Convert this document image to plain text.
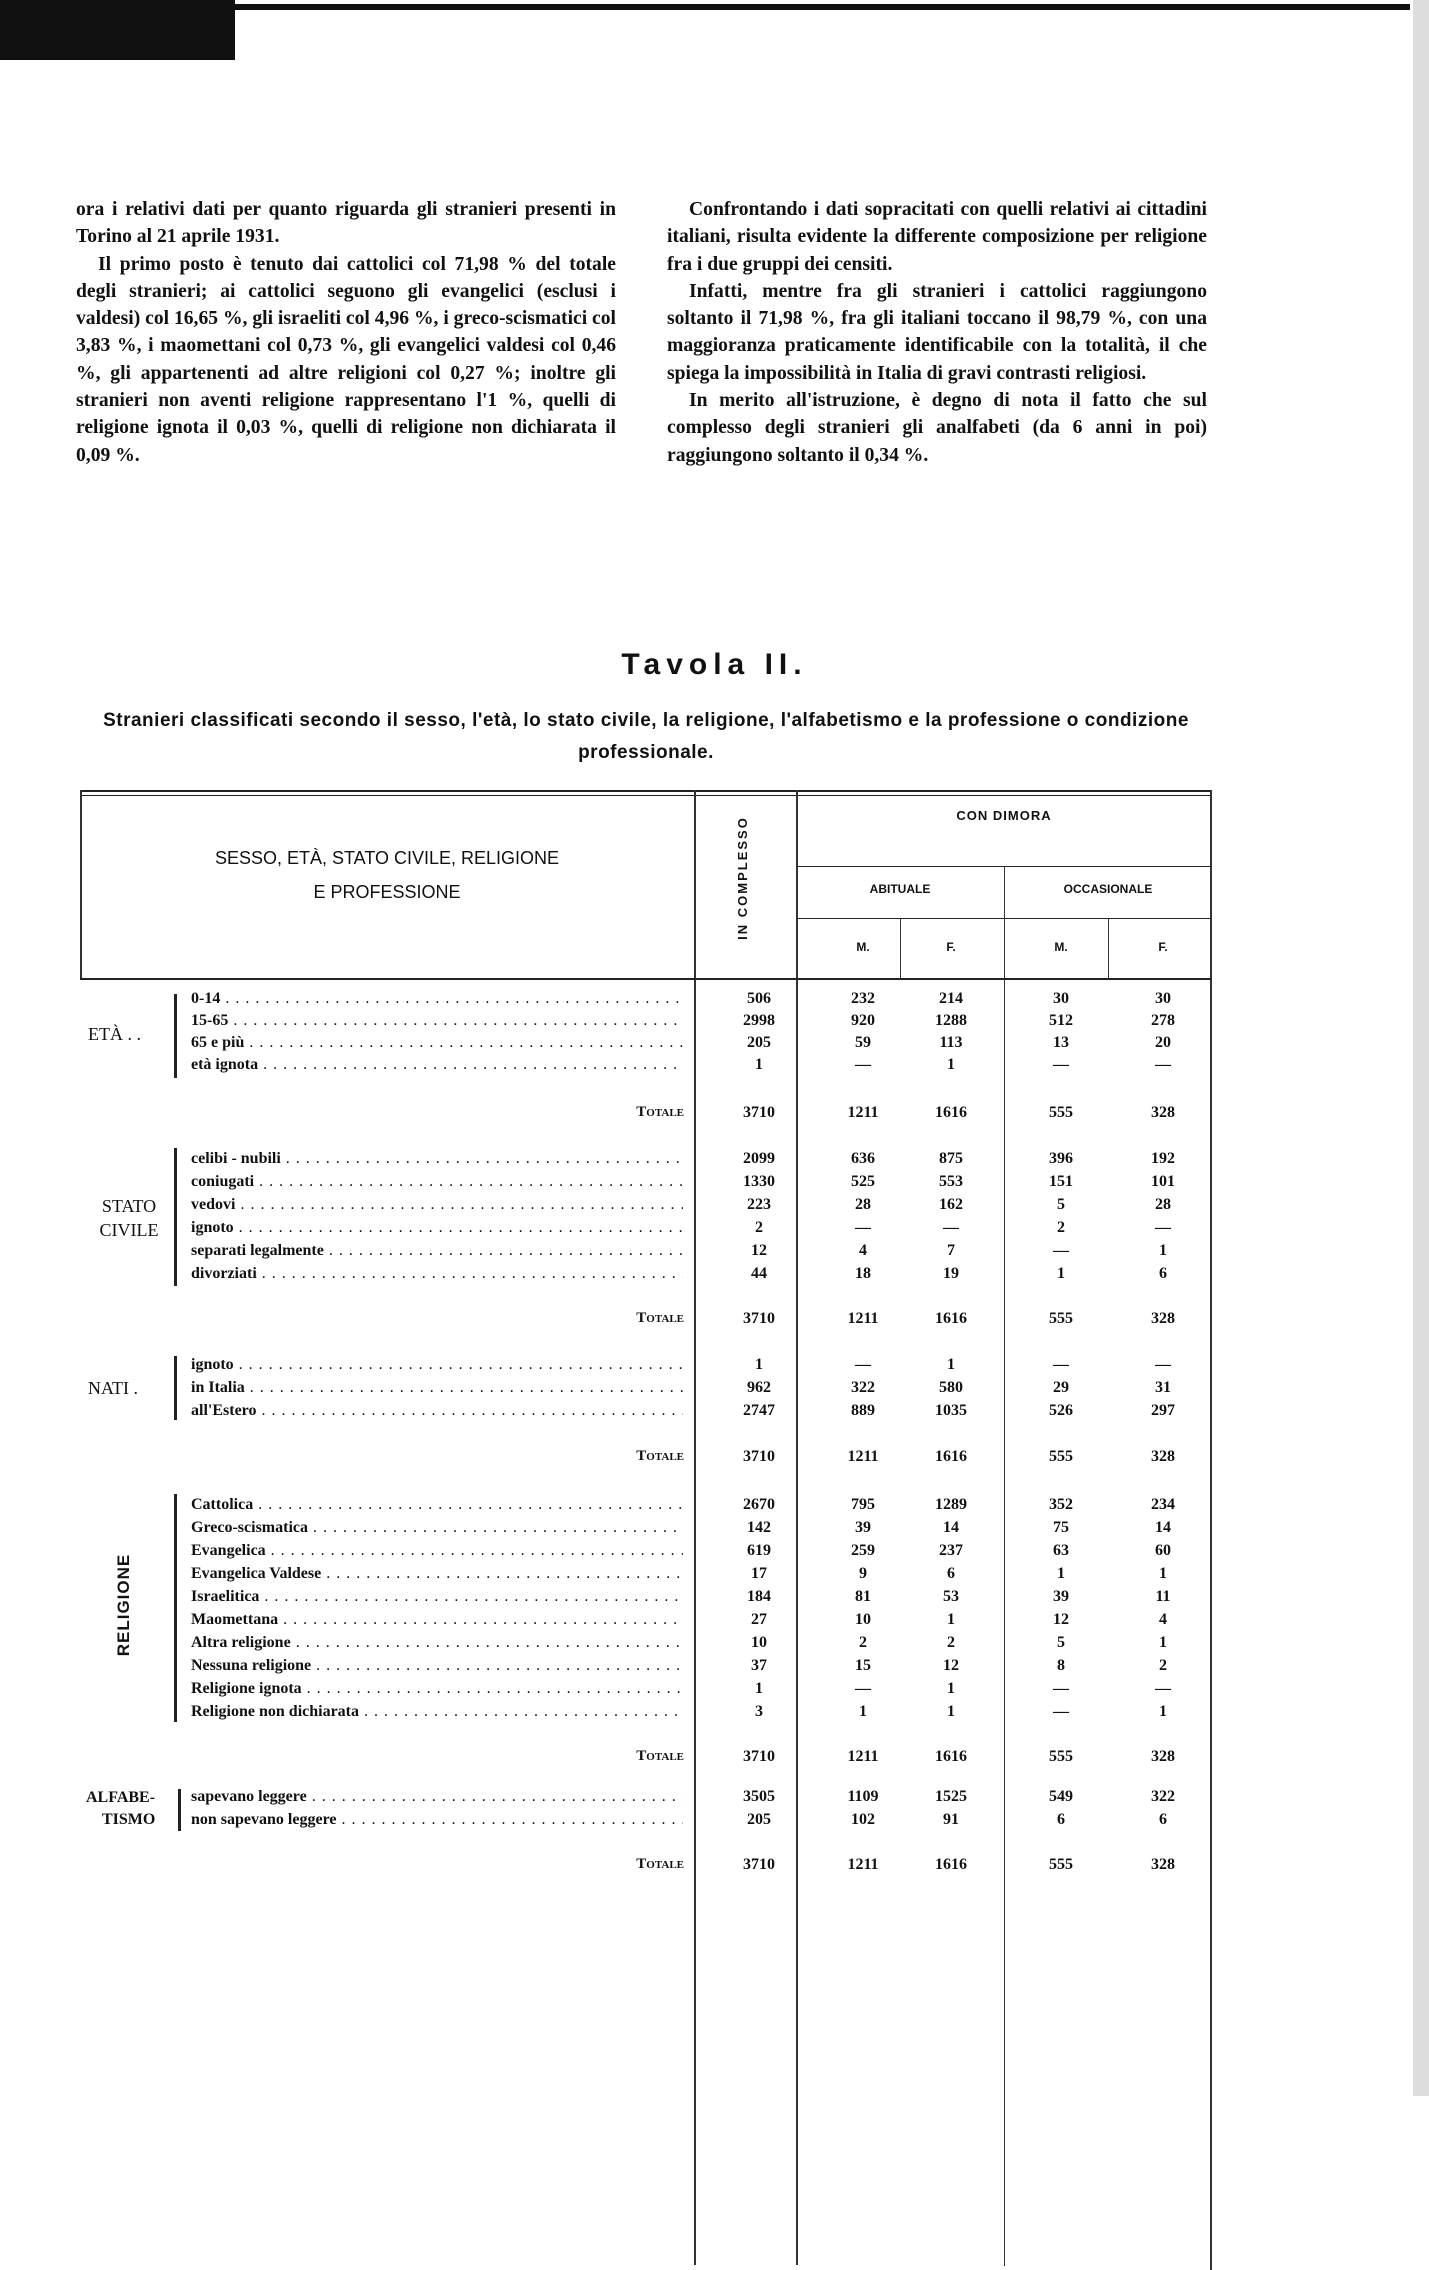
ora i relativi dati per quanto riguarda gli stranieri presenti in Torino al 21 aprile 1931.

Il primo posto è tenuto dai cattolici col 71,98 % del totale degli stranieri; ai cattolici seguono gli evangelici (esclusi i valdesi) col 16,65 %, gli israeliti col 4,96 %, i greco-scismatici col 3,83 %, i maomettani col 0,73 %, gli evangelici valdesi col 0,46 %, gli appartenenti ad altre religioni col 0,27 %; inoltre gli stranieri non aventi religione rappresentano l'1 %, quelli di religione ignota il 0,03 %, quelli di religione non dichiarata il 0,09 %.

Confrontando i dati sopracitati con quelli relativi ai cittadini italiani, risulta evidente la differente composizione per religione fra i due gruppi dei censiti.

Infatti, mentre fra gli stranieri i cattolici raggiungono soltanto il 71,98 %, fra gli italiani toccano il 98,79 %, con una maggioranza praticamente identificabile con la totalità, il che spiega la impossibilità in Italia di gravi contrasti religiosi.

In merito all'istruzione, è degno di nota il fatto che sul complesso degli stranieri gli analfabeti (da 6 anni in poi) raggiungono soltanto il 0,34 %.

Tavola II.
Stranieri classificati secondo il sesso, l'età, lo stato civile, la religione, l'alfabetismo e la professione o condizione professionale.
SESSO, ETÀ, STATO CIVILE, RELIGIONE
E PROFESSIONE	IN COMPLESSO
CON DIMORA
ABITUALE	OCCASIONALE
M.	F.	M.	F.
ETÀ . .
0-14 . . .	506	232	214	30	30
15-65 . . .	2998	920	1288	512	278
65 e più . . .	205	59	113	13	20
età ignota . . .	1	—	1	—	—
Totale	3710	1211	1616	555	328
STATO CIVILE
celibi - nubili . . .	2099	636	875	396	192
coniugati . . .	1330	525	553	151	101
vedovi . . .	223	28	162	5	28
ignoto . . .	2	—	—	2	—
separati legalmente . . .	12	4	7	—	1
divorziati . . .	44	18	19	1	6
Totale	3710	1211	1616	555	328
NATI .
ignoto . . .	1	—	1	—	—
in Italia . . .	962	322	580	29	31
all'Estero . . .	2747	889	1035	526	297
Totale	3710	1211	1616	555	328
RELIGIONE
Cattolica . . .	2670	795	1289	352	234
Greco-scismatica . . .	142	39	14	75	14
Evangelica . . .	619	259	237	63	60
Evangelica Valdese . . .	17	9	6	1	1
Israelitica . . .	184	81	53	39	11
Maomettana . . .	27	10	1	12	4
Altra religione . . .	10	2	2	5	1
Nessuna religione . . .	37	15	12	8	2
Religione ignota . . .	1	—	1	—	—
Religione non dichiarata . . .	3	1	1	—	1
Totale	3710	1211	1616	555	328
ALFABE-
TISMO
sapevano leggere . . .	3505	1109	1525	549	322
non sapevano leggere . . .	205	102	91	6	6
Totale	3710	1211	1616	555	328
